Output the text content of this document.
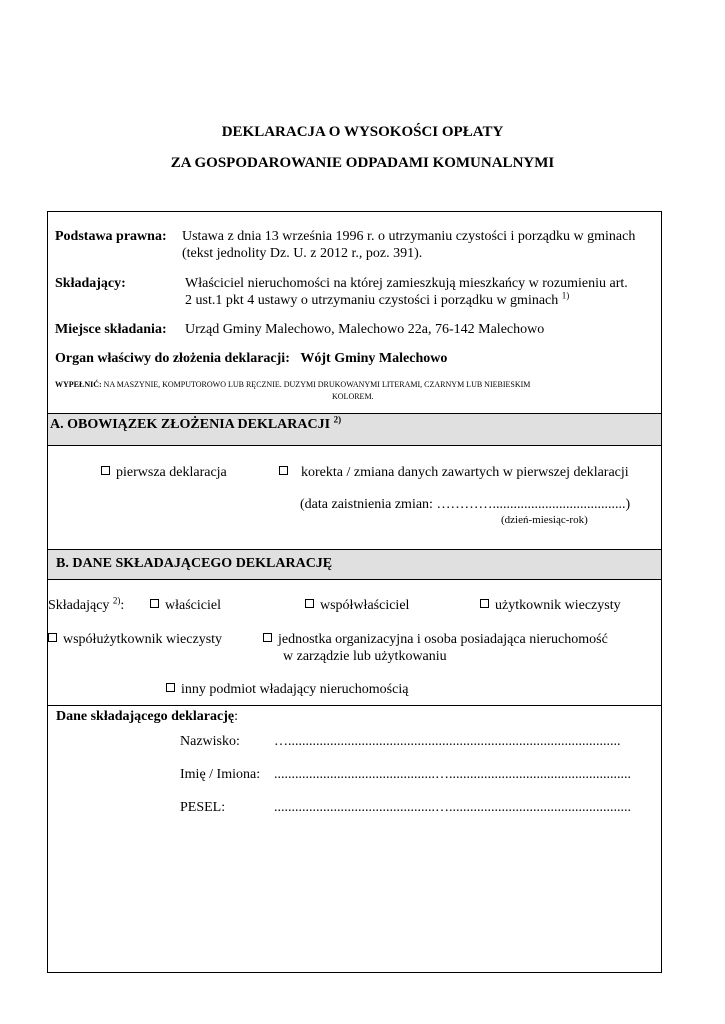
DEKLARACJA O WYSOKOŚCI OPŁATY
ZA GOSPODAROWANIE ODPADAMI KOMUNALNYMI
Podstawa prawna: Ustawa z dnia 13 września 1996 r. o utrzymaniu czystości i porządku w gminach
(tekst jednolity Dz. U. z 2012 r., poz. 391).
Składający:	Właściciel nieruchomości na której zamieszkują mieszkańcy w rozumieniu art.
2 ust.1 pkt 4 ustawy o utrzymaniu czystości i porządku w gminach $^{1)}$
Miejsce składania: Urząd Gminy Malechowo, Malechowo 22a, 76-142 Malechowo
Organ właściwy do złożenia deklaracji: Wójt Gminy Malechowo
WYPEŁNIĆ: NA MASZYNIE, KOMPUTOROWO LUB RĘCZNIE. DUZYMI DRUKOWANYMI LITERAMI, CZARNYM LUB NIEBIESKIM
KOLOREM.
A. OBOWIĄZEK ZŁOŻENIA DEKLARACJI $^{2)}$
pierwsza deklaracja	korekta / zmiana danych zawartych w pierwszej deklaracji
(data zaistnienia zmian: …………......................................)
(dzień-miesiąc-rok)
B. DANE SKŁADAJĄCEGO DEKLARACJĘ
Składający $^{2)}$:	właściciel	współwłaściciel	użytkownik wieczysty
współużytkownik wieczysty	jednostka organizacyjna i osoba posiadająca nieruchomość
w zarządzie lub użytkowaniu
inny podmiot władający nieruchomością
Dane składającego deklarację:
Nazwisko: …...............................................................................................
Imię / Imiona: ..............................................…....................................................
PESEL:	..............................................…....................................................
